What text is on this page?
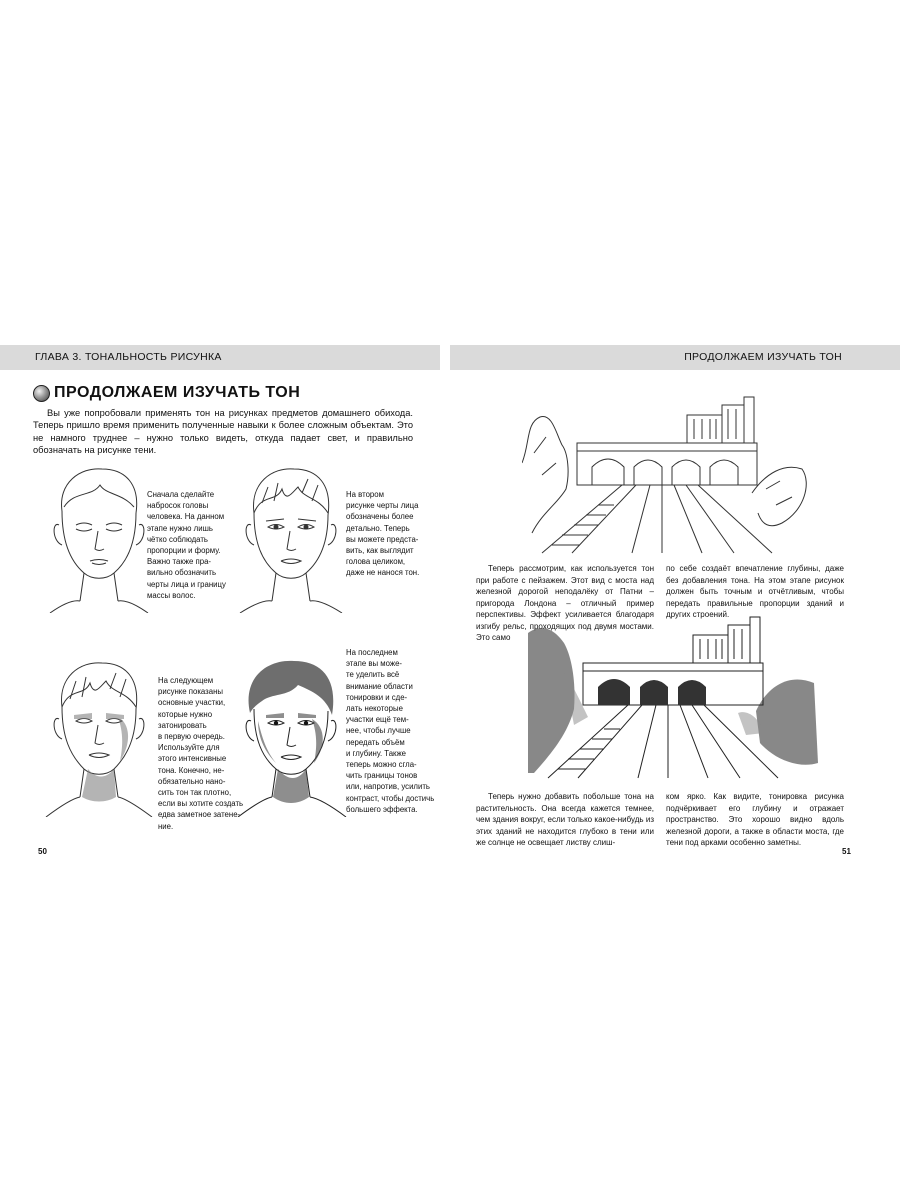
ГЛАВА 3. ТОНАЛЬНОСТЬ РИСУНКА
ПРОДОЛЖАЕМ ИЗУЧАТЬ ТОН

Вы уже попробовали применять тон на рисунках предметов домашнего обихода. Теперь пришло время применить полученные навыки к более сложным объектам. Это не намного труднее – нужно только видеть, откуда падает свет, и правильно обозначать на рисунке тени.

Сначала сделайте
набросок головы
человека. На данном
этапе нужно лишь
чётко соблюдать
пропорции и форму.
Важно также пра-
вильно обозначить
черты лица и границу
массы волос.

На втором
рисунке черты лица
обозначены более
детально. Теперь
вы можете предста-
вить, как выглядит
голова целиком,
даже не нанося тон.

На следующем
рисунке показаны
основные участки,
которые нужно
затонировать
в первую очередь.
Используйте для
этого интенсивные
тона. Конечно, не-
обязательно нано-
сить тон так плотно,
если вы хотите создать
едва заметное затене-
ние.

На последнем
этапе вы може-
те уделить всё
внимание области
тонировки и сде-
лать некоторые
участки ещё тем-
нее, чтобы лучше
передать объём
и глубину. Также
теперь можно сгла-
чить границы тонов
или, напротив, усилить
контраст, чтобы достичь
большего эффекта.

50
ПРОДОЛЖАЕМ ИЗУЧАТЬ ТОН

Теперь рассмотрим, как используется тон при работе с пейзажем. Этот вид с моста над железной дорогой неподалёку от Патни – пригорода Лондона – отличный пример перспективы. Эффект усиливается благодаря изгибу рельс, проходящих под двумя мостами. Это само

по себе создаёт впечатление глубины, даже без добавления тона. На этом этапе рисунок должен быть точным и отчётливым, чтобы передать правильные пропорции зданий и других строений.

Теперь нужно добавить побольше тона на растительность. Она всегда кажется темнее, чем здания вокруг, если только какое-нибудь из этих зданий не находится глубоко в тени или же солнце не освещает листву слиш-

ком ярко. Как видите, тонировка рисунка подчёркивает его глубину и отражает пространство. Это хорошо видно вдоль железной дороги, а также в области моста, где тени под арками особенно заметны.

51
